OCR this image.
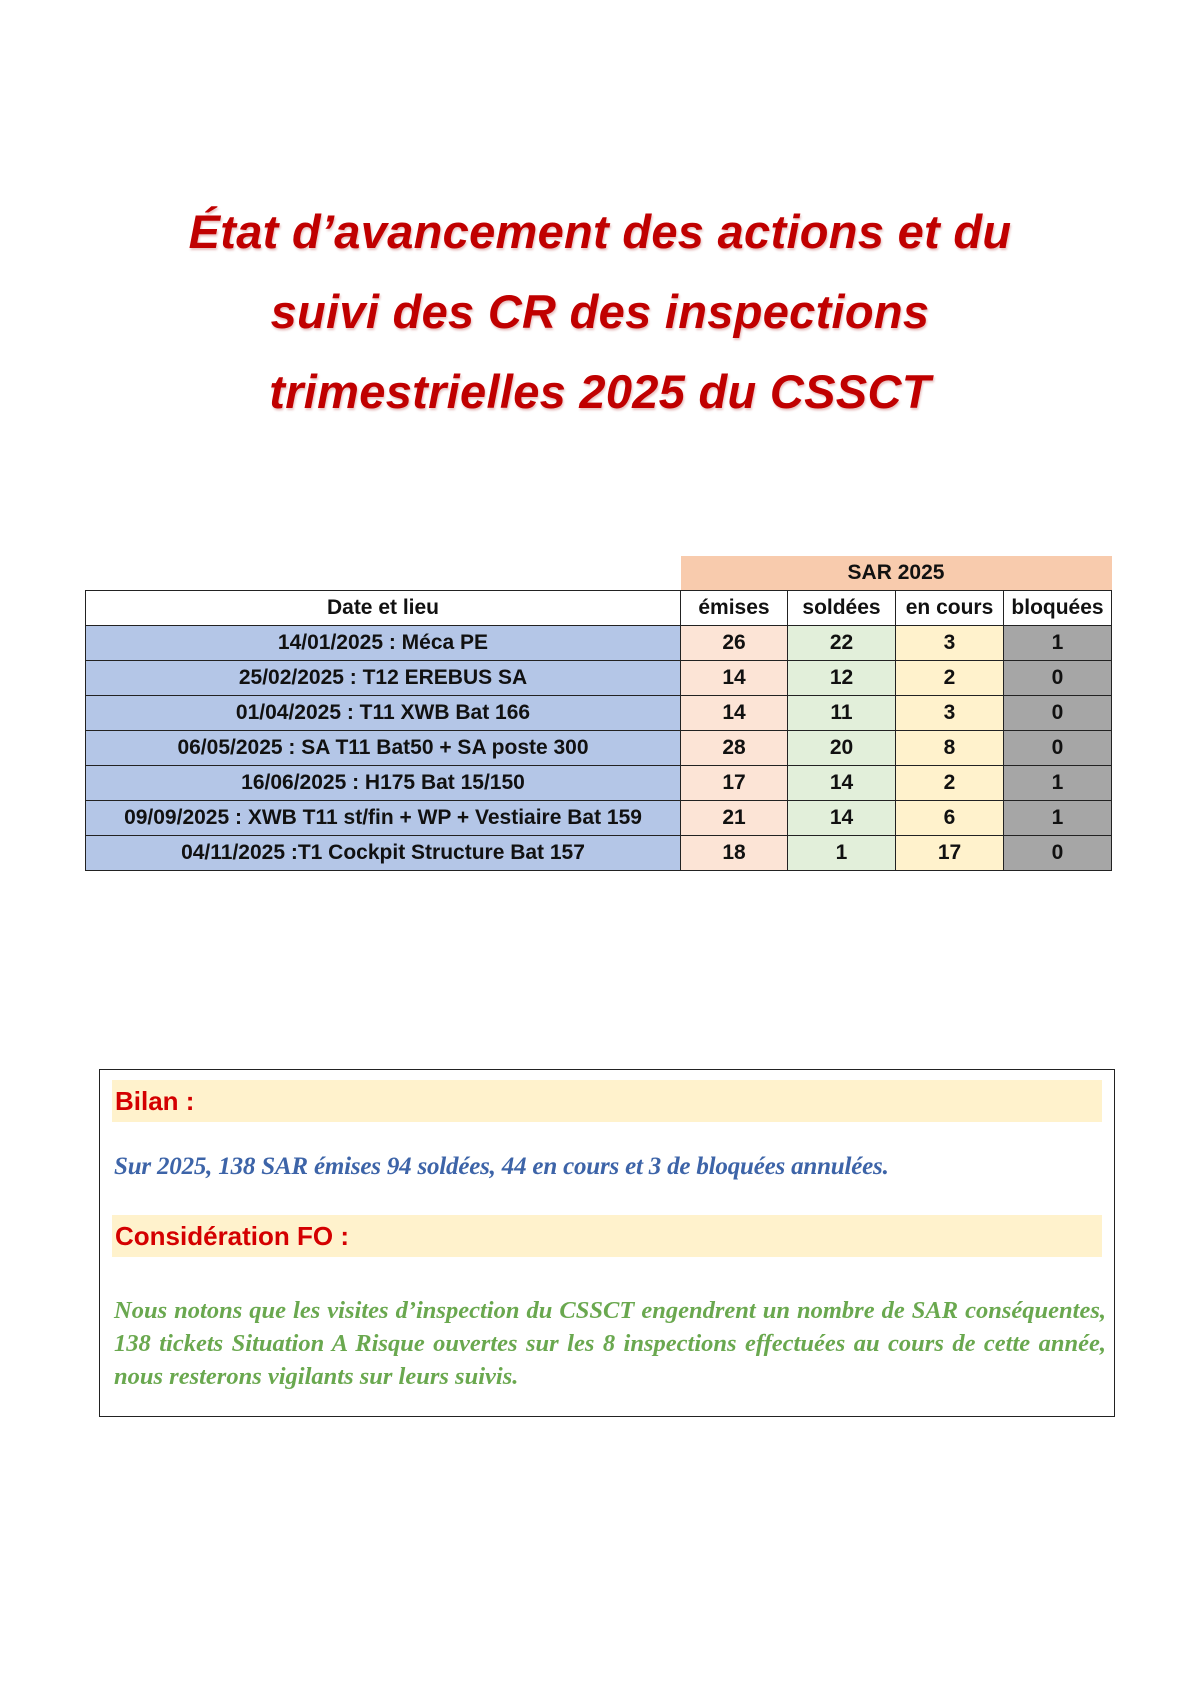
État d’avancement des actions et du
suivi des CR des inspections
trimestrielles 2025 du CSSCT
	SAR 2025			
Date et lieu	émises	soldées	en cours	bloquées
14/01/2025 : Méca PE	26	22	3	1
25/02/2025 : T12 EREBUS SA	14	12	2	0
01/04/2025 : T11 XWB Bat 166	14	11	3	0
06/05/2025 : SA T11 Bat50 + SA poste 300	28	20	8	0
16/06/2025 : H175 Bat 15/150	17	14	2	1
09/09/2025 : XWB T11 st/fin + WP + Vestiaire Bat 159	21	14	6	1
04/11/2025 :T1 Cockpit Structure Bat 157	18	1	17	0
Bilan :
Sur 2025, 138 SAR émises 94 soldées, 44 en cours et 3 de bloquées annulées.
Considération FO :
Nous notons que les visites d’inspection du CSSCT engendrent un nombre de SAR conséquentes, 138 tickets Situation A Risque ouvertes sur les 8 inspections effectuées au cours de cette année, nous resterons vigilants sur leurs suivis.
